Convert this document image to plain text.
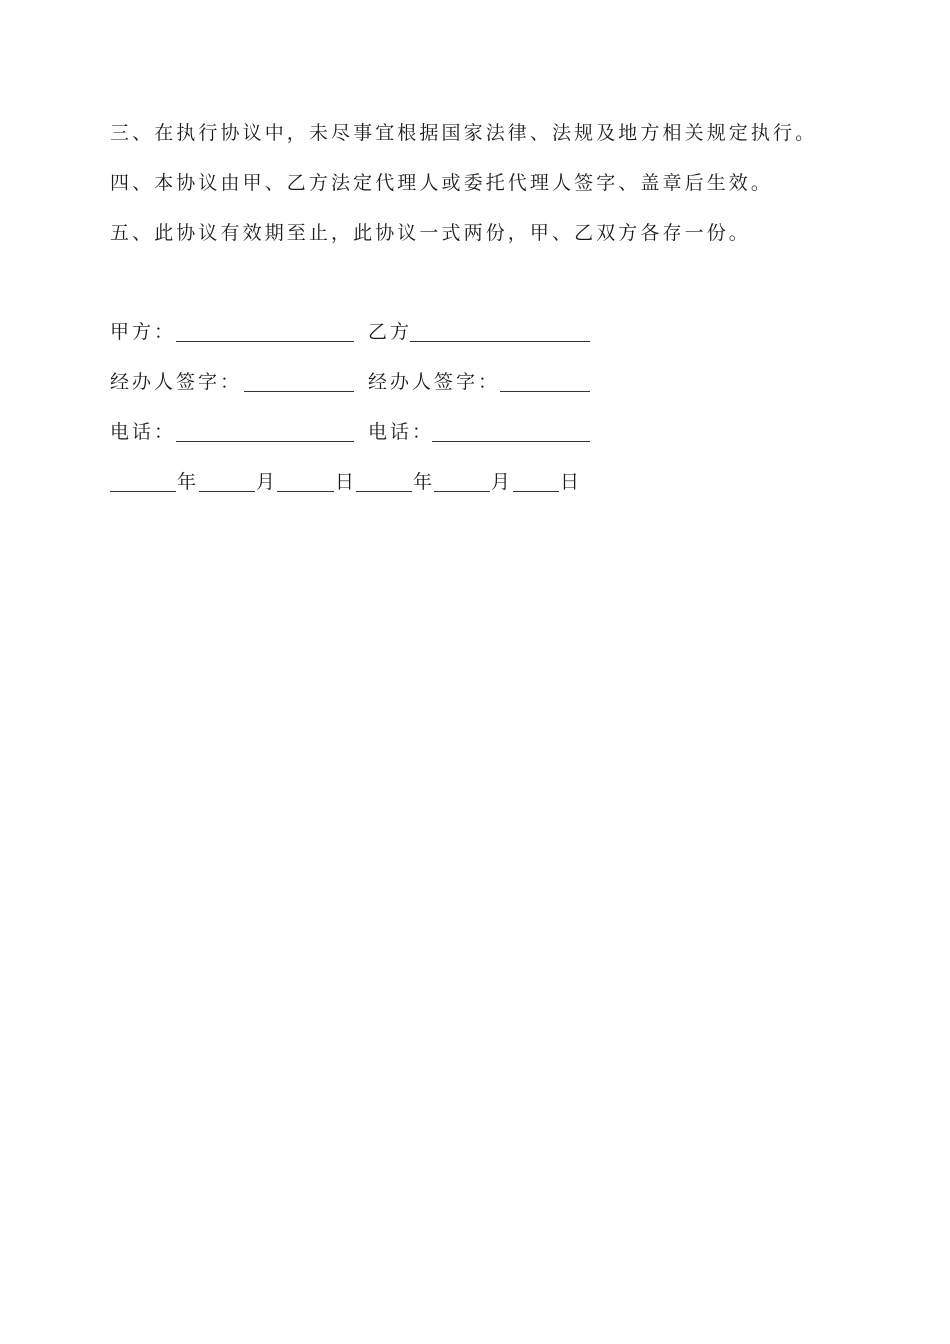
三、在执行协议中，未尽事宜根据国家法律、法规及地方相关规定执行。
四、本协议由甲、乙方法定代理人或委托代理人签字、盖章后生效。
五、此协议有效期至止，此协议一式两份，甲、乙双方各存一份。
甲方：	乙方
经办人签字：	经办人签字：
电话：	电话：
年	月	日	年	月	日
